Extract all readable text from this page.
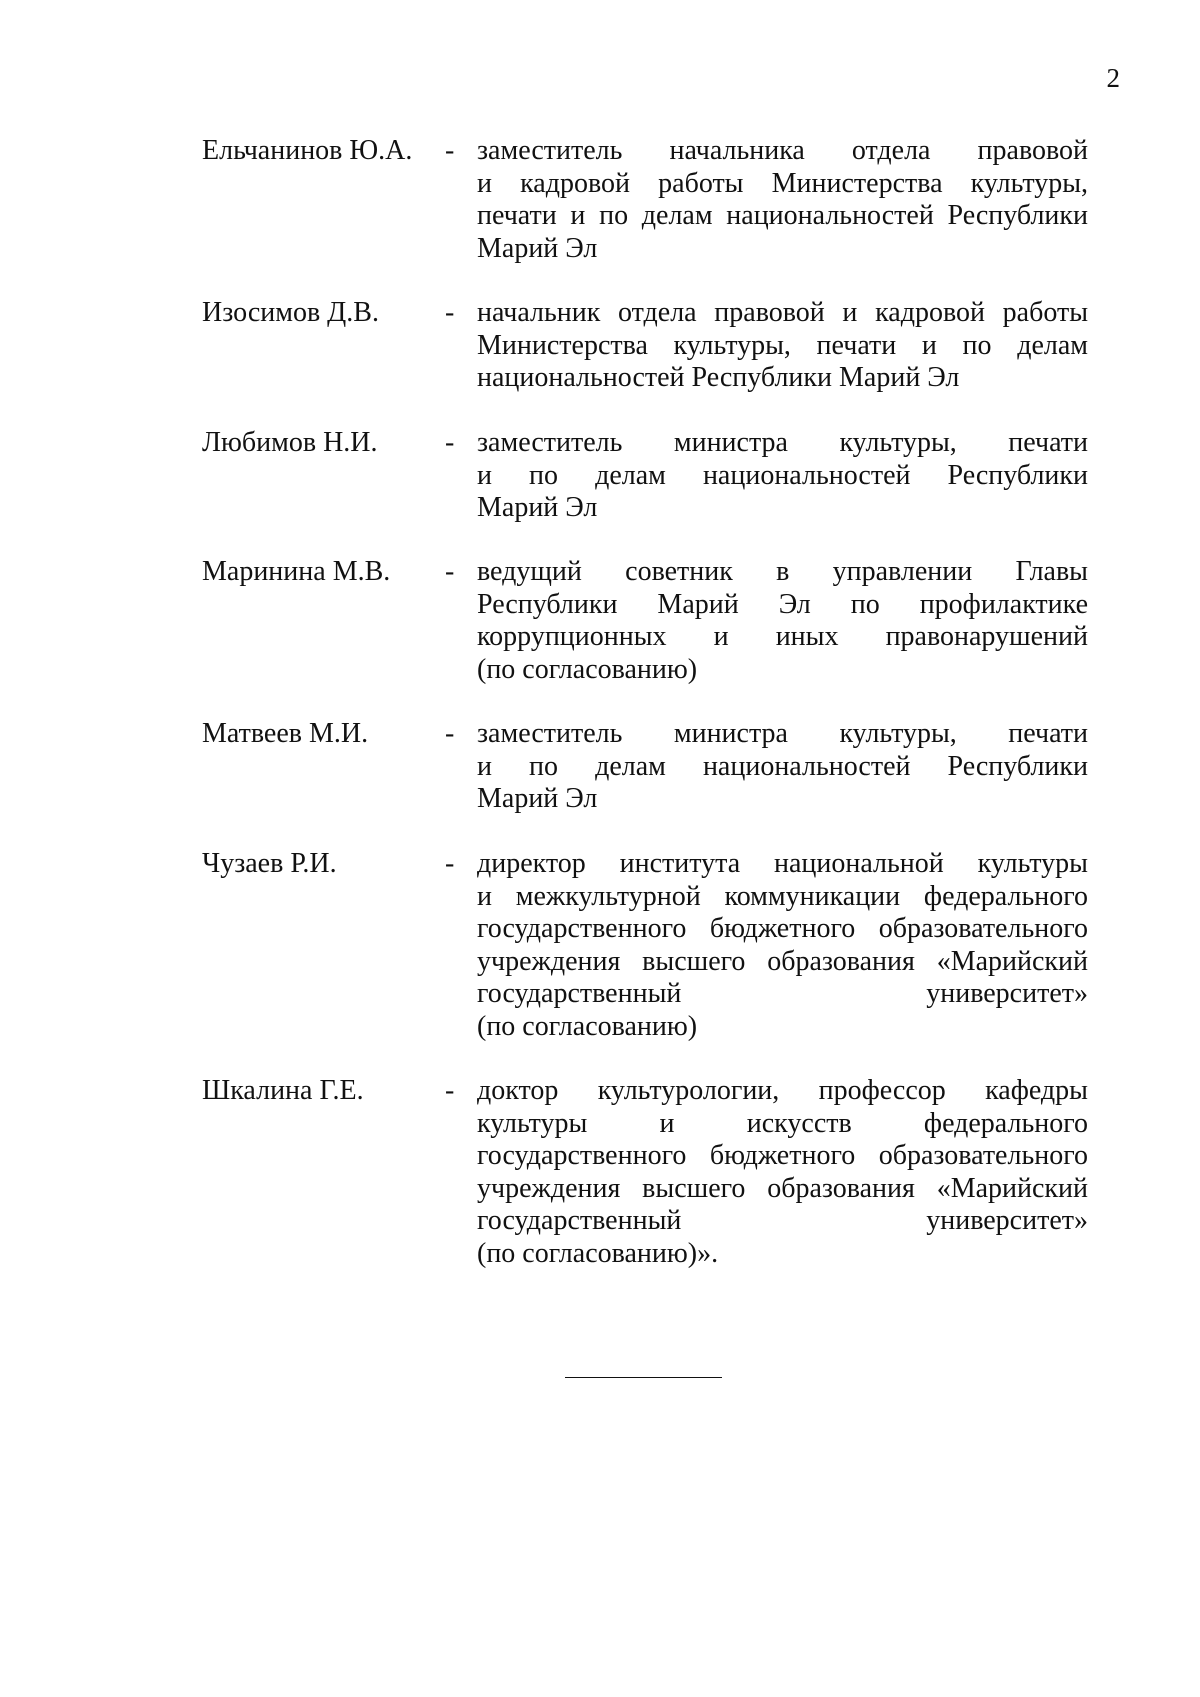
2
Ельчанинов Ю.А. - заместитель начальника отдела правовой
и кадровой работы Министерства культуры,
печати и по делам национальностей Республики
Марий Эл
Изосимов Д.В. - начальник отдела правовой и кадровой работы
Министерства культуры, печати и по делам
национальностей Республики Марий Эл
Любимов Н.И. - заместитель министра культуры, печати
и по делам национальностей Республики
Марий Эл
Маринина М.В. - ведущий советник в управлении Главы
Республики Марий Эл по профилактике
коррупционных и иных правонарушений
(по согласованию)
Матвеев М.И.	- заместитель министра культуры, печати
и по делам национальностей Республики
Марий Эл
Чузаев Р.И.	- директор института национальной культуры
и межкультурной коммуникации федерального
государственного бюджетного образовательного
учреждения высшего образования «Марийский
государственный университет»
(по согласованию)
Шкалина Г.Е.	- доктор культурологии, профессор кафедры
культуры и искусств федерального
государственного бюджетного образовательного
учреждения высшего образования «Марийский
государственный университет»
(по согласованию)».
